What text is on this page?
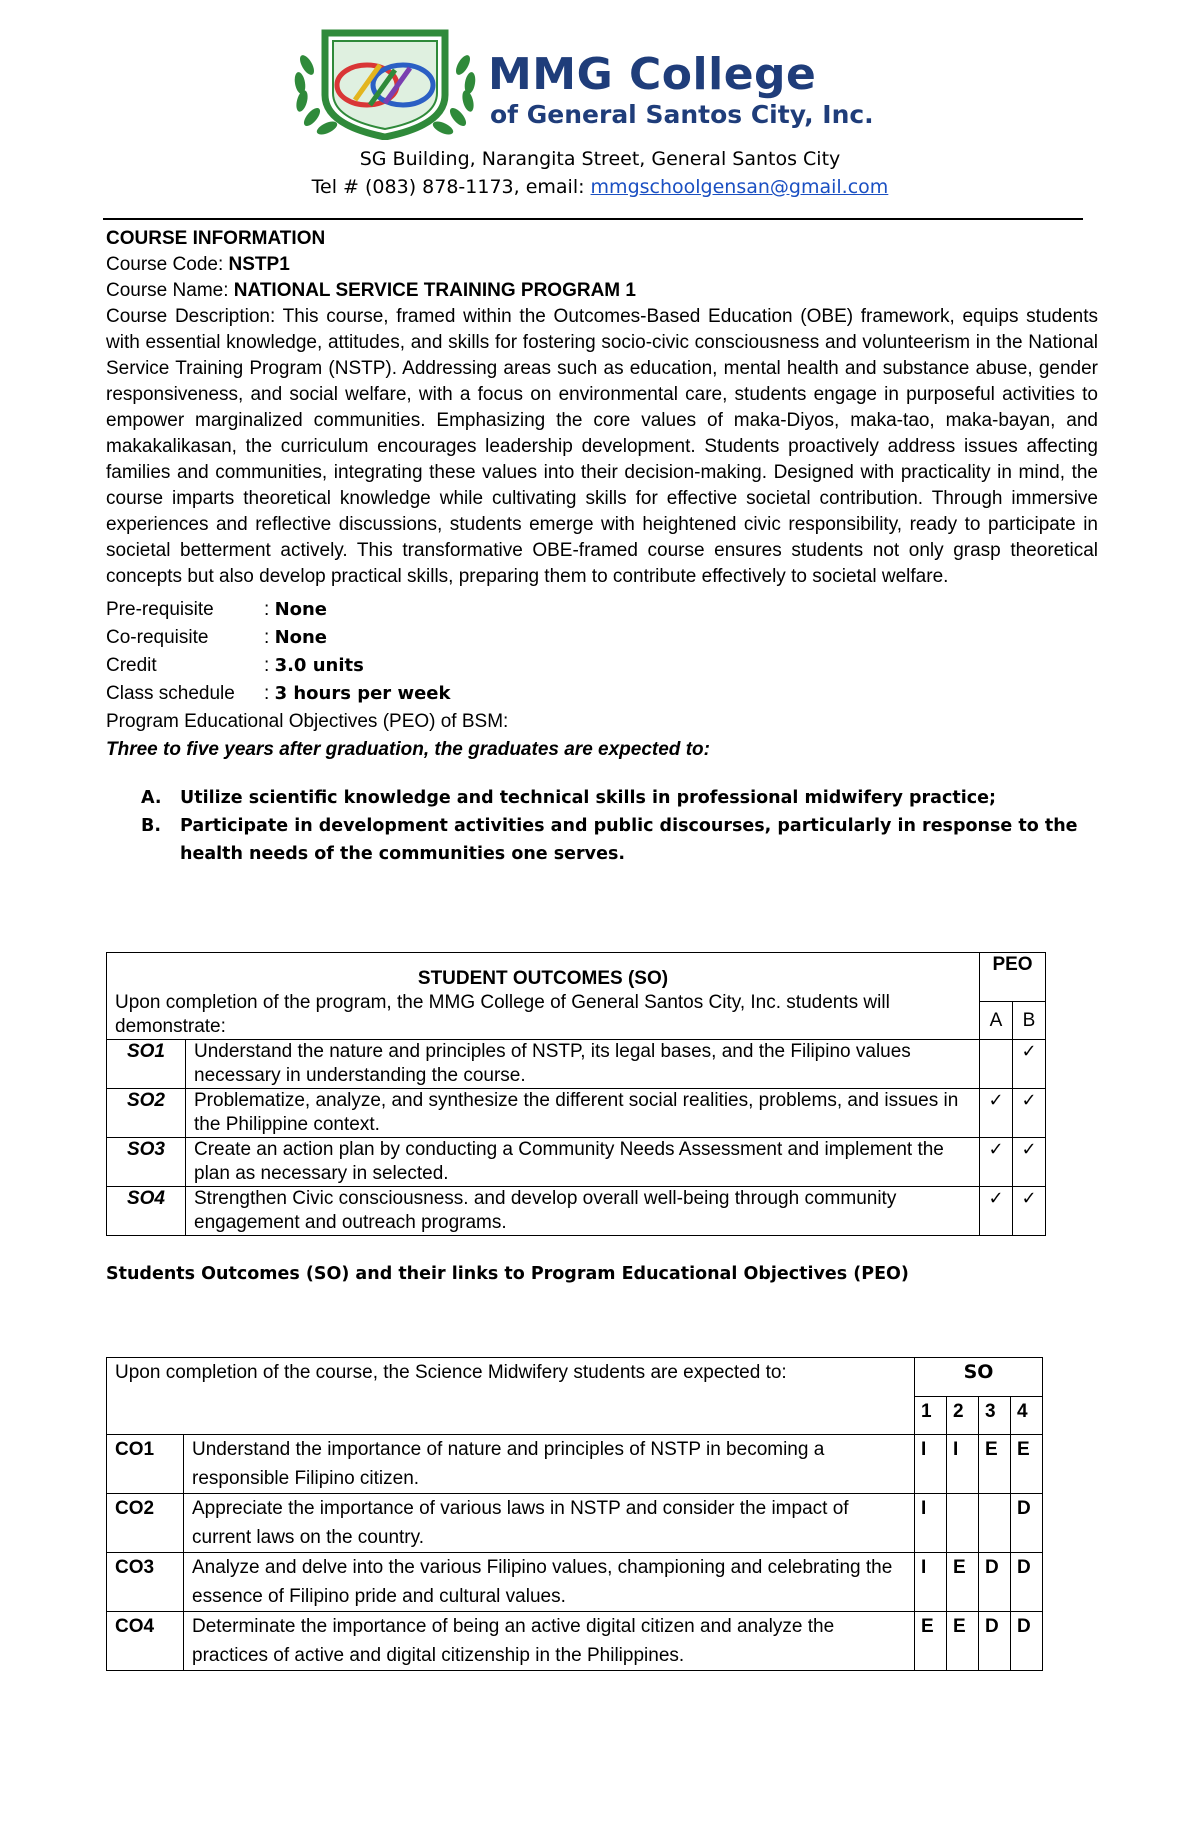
MMG College
of General Santos City, Inc.
SG Building, Narangita Street, General Santos City
Tel # (083) 878-1173, email: mmgschoolgensan@gmail.com
COURSE INFORMATION
Course Code: NSTP1
Course Name: NATIONAL SERVICE TRAINING PROGRAM 1

Course Description: This course, framed within the Outcomes-Based Education (OBE) framework, equips students with essential knowledge, attitudes, and skills for fostering socio-civic consciousness and volunteerism in the National Service Training Program (NSTP). Addressing areas such as education, mental health and substance abuse, gender responsiveness, and social welfare, with a focus on environmental care, students engage in purposeful activities to empower marginalized communities. Emphasizing the core values of maka-Diyos, maka-tao, maka-bayan, and makakalikasan, the curriculum encourages leadership development. Students proactively address issues affecting families and communities, integrating these values into their decision-making. Designed with practicality in mind, the course imparts theoretical knowledge while cultivating skills for effective societal contribution. Through immersive experiences and reflective discussions, students emerge with heightened civic responsibility, ready to participate in societal betterment actively. This transformative OBE-framed course ensures students not only grasp theoretical concepts but also develop practical skills, preparing them to contribute effectively to societal welfare.

Pre-requisite	: None
Co-requisite	: None
Credit	: 3.0 units
Class schedule	: 3 hours per week
Program Educational Objectives (PEO) of BSM:
Three to five years after graduation, the graduates are expected to:
A.	Utilize scientific knowledge and technical skills in professional midwifery practice;
B.	Participate in development activities and public discourses, particularly in response to the health needs of the communities one serves.
STUDENT OUTCOMES (SO)
Upon completion of the program, the MMG College of General Santos City, Inc. students will demonstrate:		PEO	
		A	B
SO1	Understand the nature and principles of NSTP, its legal bases, and the Filipino values necessary in understanding the course.		✓
SO2	Problematize, analyze, and synthesize the different social realities, problems, and issues in the Philippine context.	✓	✓
SO3	Create an action plan by conducting a Community Needs Assessment and implement the plan as necessary in selected.	✓	✓
SO4	Strengthen Civic consciousness. and develop overall well-being through community engagement and outreach programs.	✓	✓
Students Outcomes (SO) and their links to Program Educational Objectives (PEO)
Upon completion of the course, the Science Midwifery students are expected to:		SO			
		1	2	3	4
CO1	Understand the importance of nature and principles of NSTP in becoming a responsible Filipino citizen.	I	I	E	E
CO2	Appreciate the importance of various laws in NSTP and consider the impact of current laws on the country.	I			D
CO3	Analyze and delve into the various Filipino values, championing and celebrating the essence of Filipino pride and cultural values.	I	E	D	D
CO4	Determinate the importance of being an active digital citizen and analyze the practices of active and digital citizenship in the Philippines.	E	E	D	D
